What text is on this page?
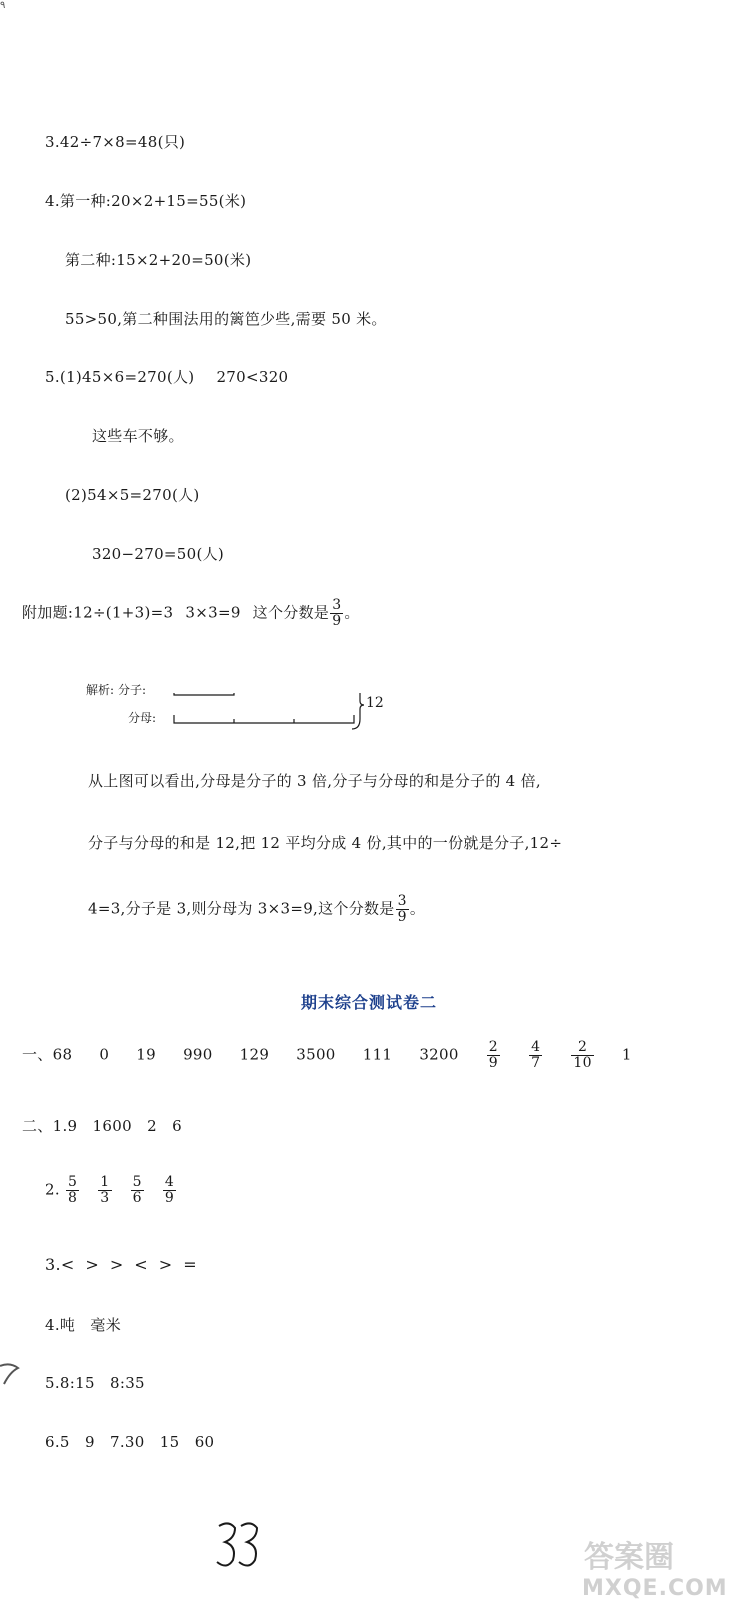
٩
3.42÷7×8=48(只)
4.第一种:20×2+15=55(米)
第二种:15×2+20=50(米)
55>50,第二种围法用的篱笆少些,需要 50 米。
5.(1)45×6=270(人) 270<320
这些车不够。
(2)54×5=270(人)
320−270=50(人)
附加题:12÷(1+3)=3 3×3=9 这个分数是 $\frac{3}{9}$ 。
解析: 分子:
分母:
12
从上图可以看出,分母是分子的 3 倍,分子与分母的和是分子的 4 倍,
分子与分母的和是 12,把 12 平均分成 4 份,其中的一份就是分子,12÷
4=3,分子是 3,则分母为 3×3=9,这个分数是 $\frac{3}{9}$ 。
期末综合测试卷二
一、68 0 19 990 129 3500 111 $3200 \frac{2}{9}$
$\frac{4}{7}$
$\frac{2}{10} 1$
二、1.9   1600   2   6
2. $\frac{5}{8}$
$\frac{1}{3}$
$\frac{5}{6}$
$\frac{4}{9}$
3.<  >  >  <  >  =
4.吨   毫米
5.8:15   8:35
6.5   9   7.30   15   60
33
答案圈
MXQE.COM
